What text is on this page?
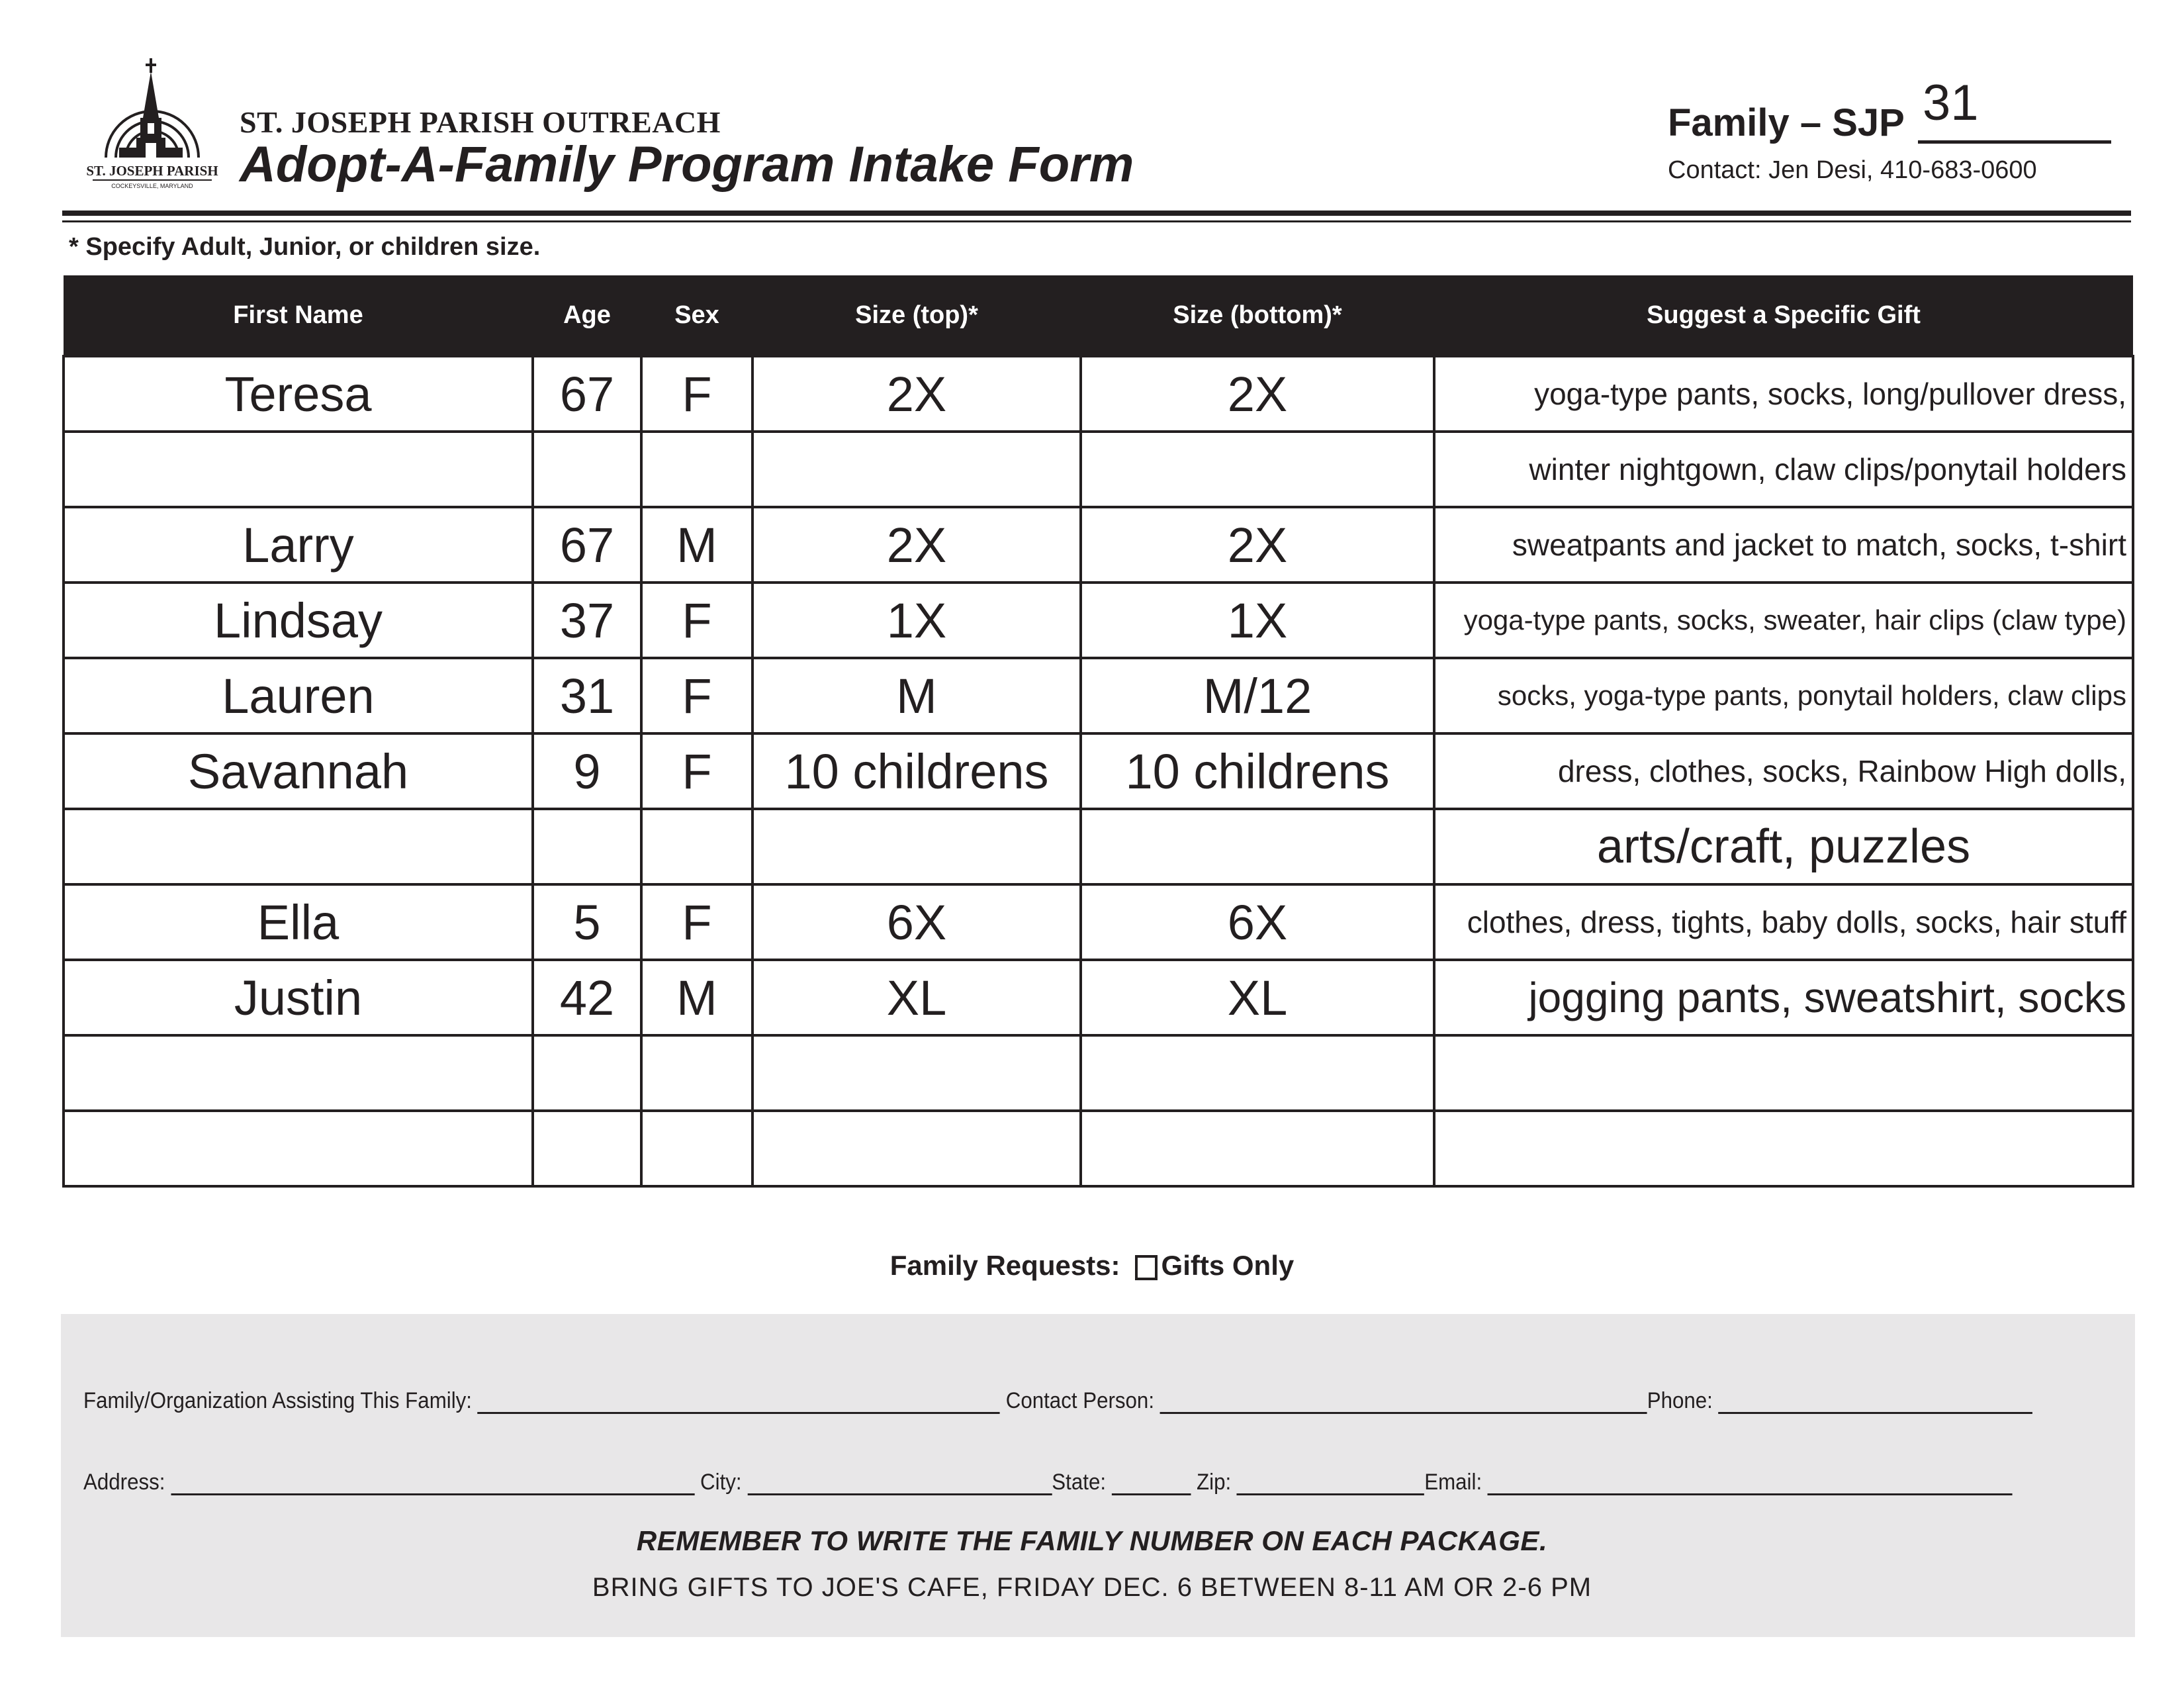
ST. JOSEPH PARISH
COCKEYSVILLE, MARYLAND
ST. JOSEPH PARISH OUTREACH
Adopt-A-Family Program Intake Form
Family – SJP 31
Contact: Jen Desi, 410-683-0600
* Specify Adult, Junior, or children size.
First Name	Age	Sex	Size (top)*	Size (bottom)*	Suggest a Specific Gift
Teresa	67	F	2X	2X	yoga-type pants, socks, long/pullover dress,
					winter nightgown, claw clips/ponytail holders
Larry	67	M	2X	2X	sweatpants and jacket to match, socks, t-shirt
Lindsay	37	F	1X	1X	yoga-type pants, socks, sweater, hair clips (claw type)
Lauren	31	F	M	M/12	socks, yoga-type pants, ponytail holders, claw clips
Savannah	9	F	10 childrens	10 childrens	dress, clothes, socks, Rainbow High dolls,
					arts/craft, puzzles
Ella	5	F	6X	6X	clothes, dress, tights, baby dolls, socks, hair stuff
Justin	42	M	XL	XL	jogging pants, sweatshirt, socks

Family Requests: Gifts Only
Family/Organization Assisting This Family:	Contact Person:	Phone:
Address:	City:	State:	Zip:	Email:
REMEMBER TO WRITE THE FAMILY NUMBER ON EACH PACKAGE.
BRING GIFTS TO JOE'S CAFE, FRIDAY DEC. 6 BETWEEN 8-11 AM OR 2-6 PM
